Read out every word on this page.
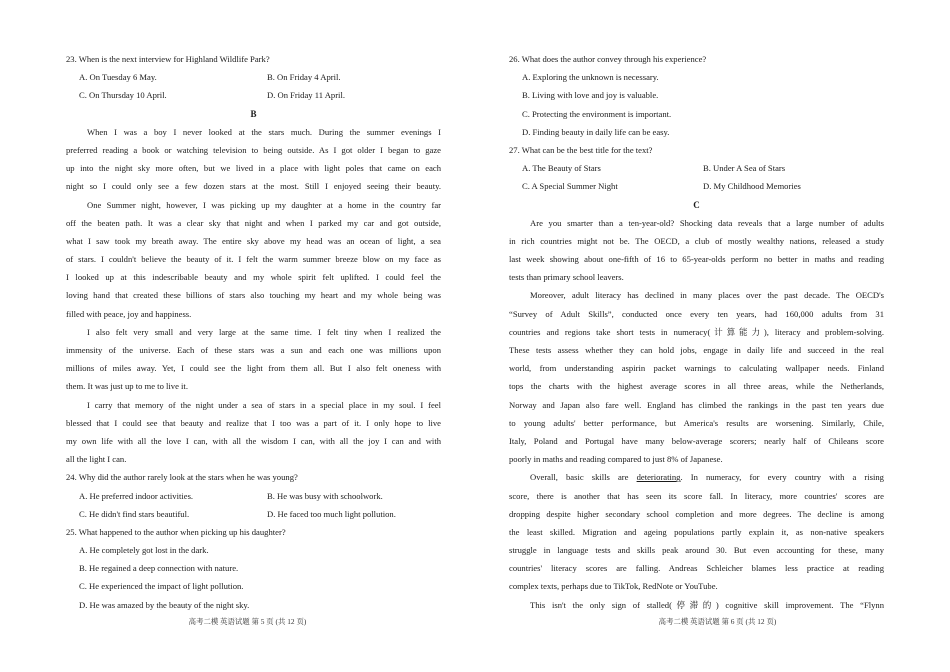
23. When is the next interview for Highland Wildlife Park?
A. On Tuesday 6 May.	B. On Friday 4 April.
C. On Thursday 10 April.	D. On Friday 11 April.
B
When I was a boy I never looked at the stars much. During the summer evenings I
preferred reading a book or watching television to being outside. As I got older I began to gaze
up into the night sky more often, but we lived in a place with light poles that came on each
night so I could only see a few dozen stars at the most. Still I enjoyed seeing their beauty.
One Summer night, however, I was picking up my daughter at a home in the country far
off the beaten path. It was a clear sky that night and when I parked my car and got outside,
what I saw took my breath away. The entire sky above my head was an ocean of light, a sea
of stars. I couldn't believe the beauty of it. I felt the warm summer breeze blow on my face as
I looked up at this indescribable beauty and my whole spirit felt uplifted. I could feel the
loving hand that created these billions of stars also touching my heart and my whole being was
filled with peace, joy and happiness.
I also felt very small and very large at the same time. I felt tiny when I realized the
immensity of the universe. Each of these stars was a sun and each one was millions upon
millions of miles away. Yet, I could see the light from them all. But I also felt oneness with
them. It was just up to me to live it.
I carry that memory of the night under a sea of stars in a special place in my soul. I feel
blessed that I could see that beauty and realize that I too was a part of it. I only hope to live
my own life with all the love I can, with all the wisdom I can, with all the joy I can and with
all the light I can.
24. Why did the author rarely look at the stars when he was young?
A. He preferred indoor activities.	B. He was busy with schoolwork.
C. He didn't find stars beautiful.	D. He faced too much light pollution.
25. What happened to the author when picking up his daughter?
A. He completely got lost in the dark.
B. He regained a deep connection with nature.
C. He experienced the impact of light pollution.
D. He was amazed by the beauty of the night sky.
高考二模 英语试题 第 5 页 (共 12 页)
26. What does the author convey through his experience?
A. Exploring the unknown is necessary.
B. Living with love and joy is valuable.
C. Protecting the environment is important.
D. Finding beauty in daily life can be easy.
27. What can be the best title for the text?
A. The Beauty of Stars	B. Under A Sea of Stars
C. A Special Summer Night	D. My Childhood Memories
C
Are you smarter than a ten-year-old? Shocking data reveals that a large number of adults
in rich countries might not be. The OECD, a club of mostly wealthy nations, released a study
last week showing about one-fifth of 16 to 65-year-olds perform no better in maths and reading
tests than primary school leavers.
Moreover, adult literacy has declined in many places over the past decade. The OECD's
“Survey of Adult Skills”, conducted once every ten years, had 160,000 adults from 31
countries and regions take short tests in numeracy(计算能力), literacy and problem-solving.
These tests assess whether they can hold jobs, engage in daily life and succeed in the real
world, from understanding aspirin packet warnings to calculating wallpaper needs. Finland
tops the charts with the highest average scores in all three areas, while the Netherlands,
Norway and Japan also fare well. England has climbed the rankings in the past ten years due
to young adults' better performance, but America's results are worsening. Similarly, Chile,
Italy, Poland and Portugal have many below-average scorers; nearly half of Chileans score
poorly in maths and reading compared to just 8% of Japanese.
Overall, basic skills are deteriorating. In numeracy, for every country with a rising
score, there is another that has seen its score fall. In literacy, more countries' scores are
dropping despite higher secondary school completion and more degrees. The decline is among
the least skilled. Migration and ageing populations partly explain it, as non-native speakers
struggle in language tests and skills peak around 30. But even accounting for these, many
countries' literacy scores are falling. Andreas Schleicher blames less practice at reading
complex texts, perhaps due to TikTok, RedNote or YouTube.
This isn't the only sign of stalled(停滞的) cognitive skill improvement. The “Flynn
高考二模 英语试题 第 6 页 (共 12 页)
